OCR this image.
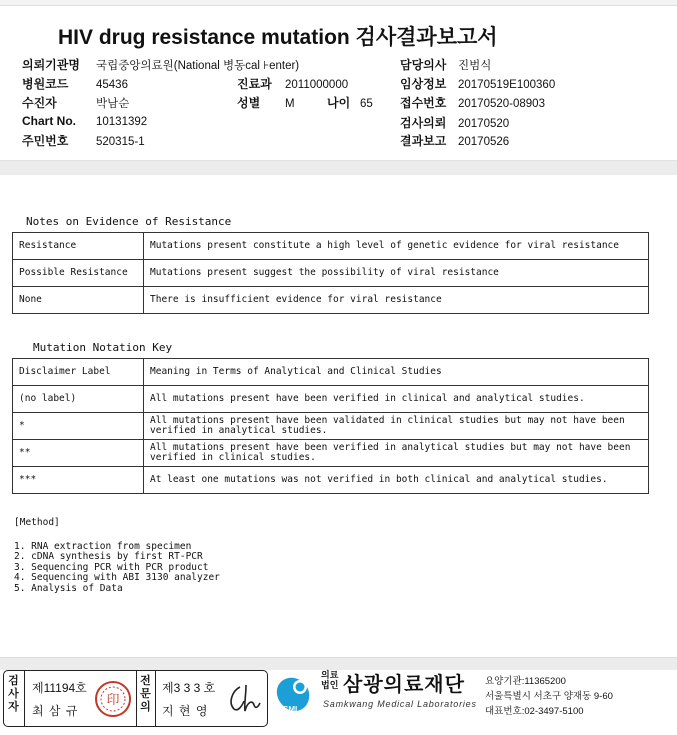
HIV drug resistance mutation 검사결과보고서
의뢰기관명 국립중앙의료원(National 병동cal ⊦enter)
병원코드 45436
수진자	박남순
Chart No. 10131392
주민번호 520315-1
진료과 2011000000
성별 M	나이 65
담당의사 진범식
임상정보 20170519E100360
접수번호 20170520-08903
검사의뢰 20170520
결과보고 20170526
Notes on Evidence of Resistance
Resistance	Mutations present constitute a high level of genetic evidence for viral resistance
Possible Resistance	Mutations present suggest the possibility of viral resistance
None	There is insufficient evidence for viral resistance
Mutation Notation Key
Disclaimer Label	Meaning in Terms of Analytical and Clinical Studies
(no label)	All mutations present have been verified in clinical and analytical studies.
*	All mutations present have been validated in clinical studies but may not have been verified in analytical studies.
**	All mutations present have been verified in analytical studies but may not have been verified in clinical studies.
***	At least one mutations was not verified in both clinical and analytical studies.
[Method]
1. RNA extraction from specimen
2. cDNA synthesis by first RT-PCR
3. Sequencing PCR with PCR product
4. Sequencing with ABI 3130 analyzer
5. Analysis of Data
검사자
제11194호
최 삼 규
印
전문의
제3 3 3 호
지 현 영	SML
의료
법인 삼광의료재단
Samkwang Medical Laboratories
요양기관:11365200
서울특별시 서초구 양재동 9-60
대표번호:02-3497-5100
